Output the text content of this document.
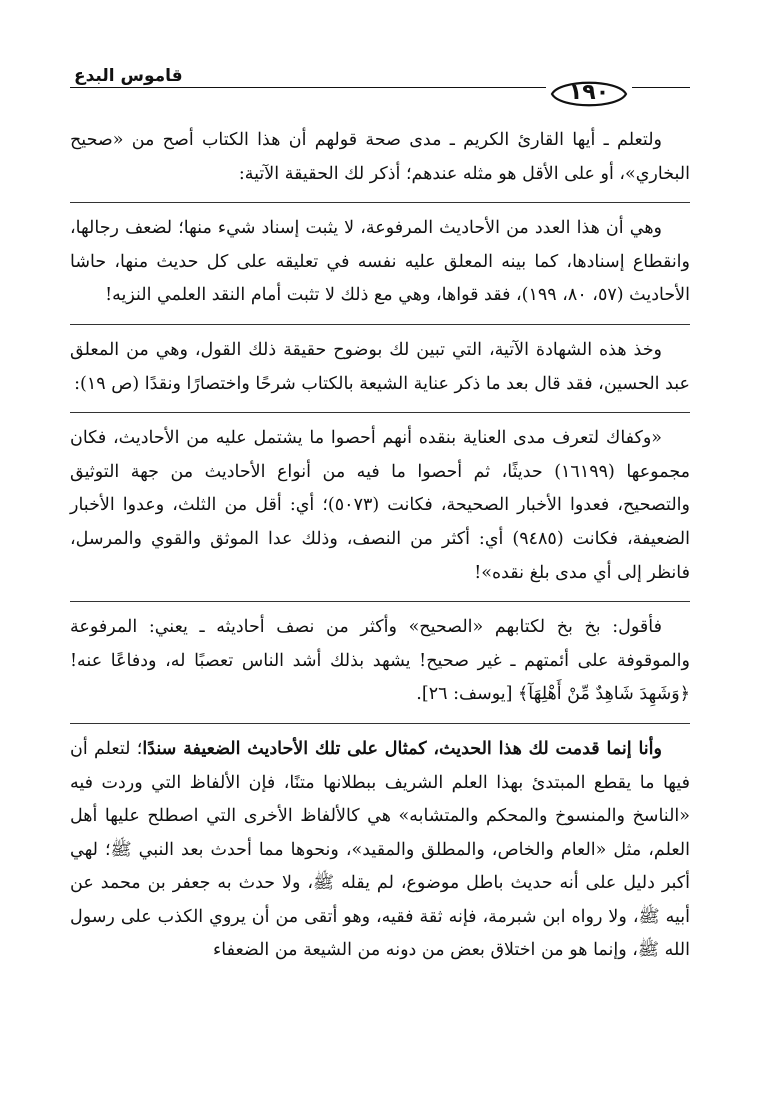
قاموس البدع
١٩٠

ولتعلم ـ أيها القارئ الكريم ـ مدى صحة قولهم أن هذا الكتاب أصح من «صحيح البخاري»، أو على الأقل هو مثله عندهم؛ أذكر لك الحقيقة الآتية:

وهي أن هذا العدد من الأحاديث المرفوعة، لا يثبت إسناد شيء منها؛ لضعف رجالها، وانقطاع إسنادها، كما بينه المعلق عليه نفسه في تعليقه على كل حديث منها، حاشا الأحاديث (٥٧، ٨٠، ١٩٩)، فقد قواها، وهي مع ذلك لا تثبت أمام النقد العلمي النزيه!

وخذ هذه الشهادة الآتية، التي تبين لك بوضوح حقيقة ذلك القول، وهي من المعلق عبد الحسين، فقد قال بعد ما ذكر عناية الشيعة بالكتاب شرحًا واختصارًا ونقدًا (ص ١٩):

«وكفاك لتعرف مدى العناية بنقده أنهم أحصوا ما يشتمل عليه من الأحاديث، فكان مجموعها (١٦١٩٩) حديثًا، ثم أحصوا ما فيه من أنواع الأحاديث من جهة التوثيق والتصحيح، فعدوا الأخبار الصحيحة، فكانت (٥٠٧٣)؛ أي: أقل من الثلث، وعدوا الأخبار الضعيفة، فكانت (٩٤٨٥) أي: أكثر من النصف، وذلك عدا الموثق والقوي والمرسل، فانظر إلى أي مدى بلغ نقده»!

فأقول: بخ بخ لكتابهم «الصحيح» وأكثر من نصف أحاديثه ـ يعني: المرفوعة والموقوفة على أئمتهم ـ غير صحيح! يشهد بذلك أشد الناس تعصبًا له، ودفاعًا عنه! ﴿وَشَهِدَ شَاهِدٌ مِّنْ أَهْلِهَآ﴾ [يوسف: ٢٦].

وأنا إنما قدمت لك هذا الحديث، كمثال على تلك الأحاديث الضعيفة سندًا؛ لتعلم أن فيها ما يقطع المبتدئ بهذا العلم الشريف ببطلانها متنًا، فإن الألفاظ التي وردت فيه «الناسخ والمنسوخ والمحكم والمتشابه» هي كالألفاظ الأخرى التي اصطلح عليها أهل العلم، مثل «العام والخاص، والمطلق والمقيد»، ونحوها مما أحدث بعد النبي ﷺ؛ لهي أكبر دليل على أنه حديث باطل موضوع، لم يقله ﷺ، ولا حدث به جعفر بن محمد عن أبيه ﷺ، ولا رواه ابن شبرمة، فإنه ثقة فقيه، وهو أتقى من أن يروي الكذب على رسول الله ﷺ، وإنما هو من اختلاق بعض من دونه من الشيعة من الضعفاء
